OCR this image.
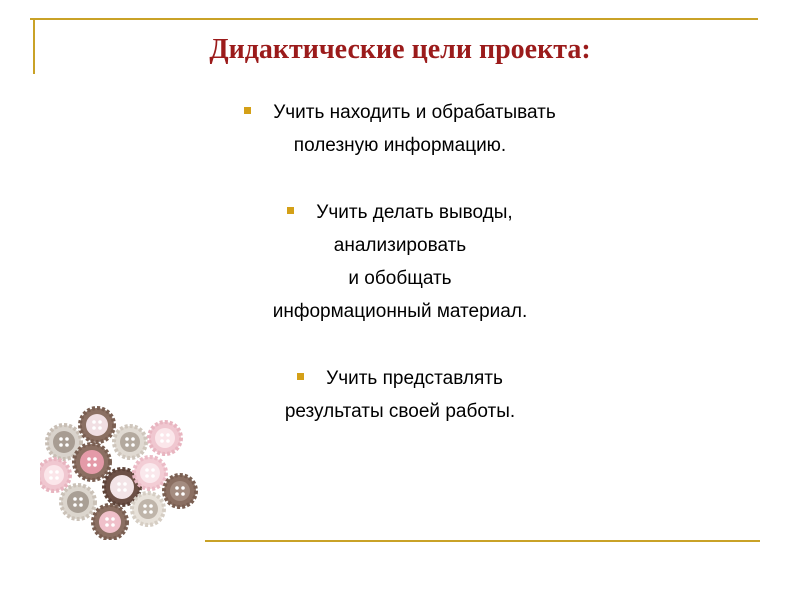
Дидактические цели проекта:
Учить находить и обрабатывать
полезную информацию.
Учить делать выводы,
анализировать
и обобщать
информационный материал.
Учить представлять
результаты своей работы.
